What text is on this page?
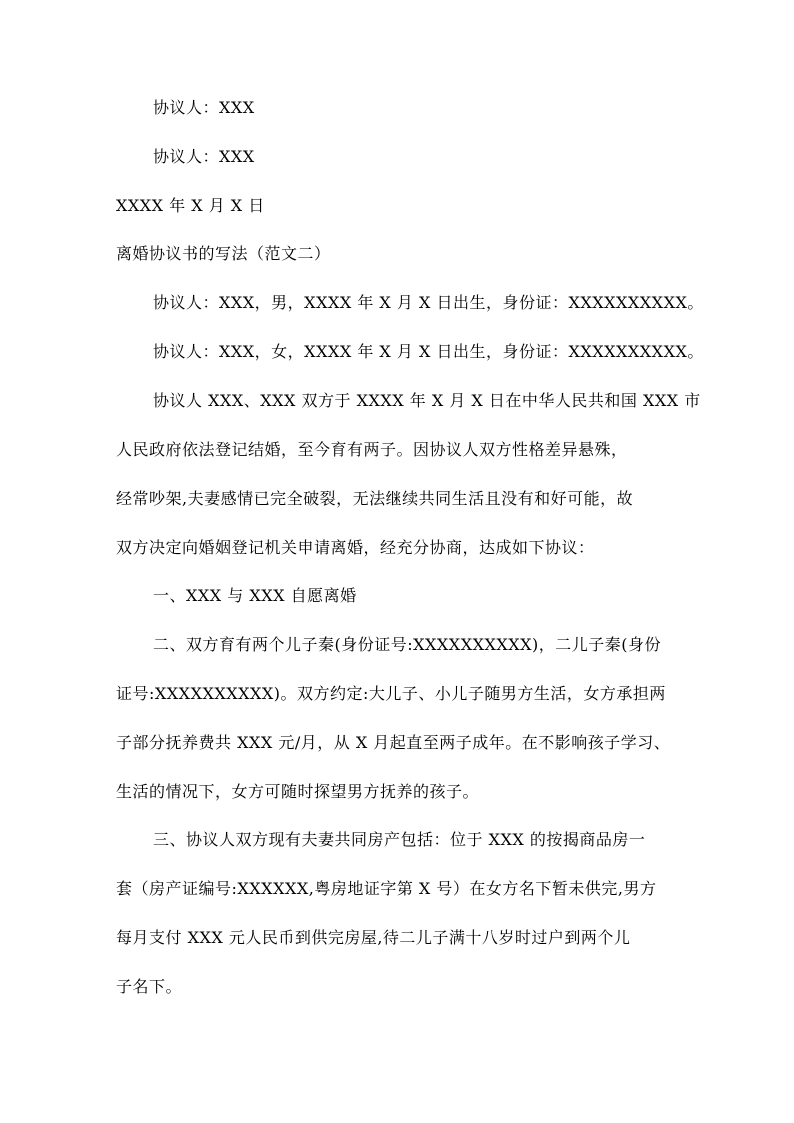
协议人：XXX
协议人：XXX
XXXX 年 X 月 X 日
离婚协议书的写法（范文二）
协议人：XXX，男，XXXX 年 X 月 X 日出生，身份证：XXXXXXXXXX。
协议人：XXX，女，XXXX 年 X 月 X 日出生，身份证：XXXXXXXXXX。
协议人 XXX、XXX 双方于 XXXX 年 X 月 X 日在中华人民共和国 XXX 市
人民政府依法登记结婚，至今育有两子。因协议人双方性格差异悬殊，
经常吵架,夫妻感情已完全破裂，无法继续共同生活且没有和好可能，故
双方决定向婚姻登记机关申请离婚，经充分协商，达成如下协议：
一、XXX 与 XXX 自愿离婚
二、双方育有两个儿子秦(身份证号:XXXXXXXXXX)，二儿子秦(身份
证号:XXXXXXXXXX)。双方约定:大儿子、小儿子随男方生活，女方承担两
子部分抚养费共 XXX 元/月，从 X 月起直至两子成年。在不影响孩子学习、
生活的情况下，女方可随时探望男方抚养的孩子。
三、协议人双方现有夫妻共同房产包括：位于 XXX 的按揭商品房一
套（房产证编号:XXXXXX,粤房地证字第 X 号）在女方名下暂未供完,男方
每月支付 XXX 元人民币到供完房屋,待二儿子满十八岁时过户到两个儿
子名下。
